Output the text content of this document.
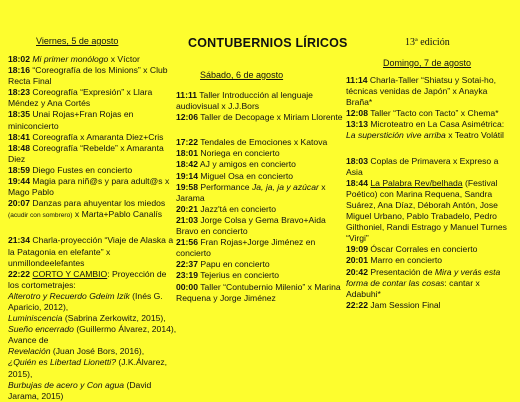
Viernes, 5 de agosto	CONTUBERNIOS LÍRICOS	13ª edición
Sábado, 6 de agosto
Domingo, 7 de agosto

18:02 Mi primer monólogo x Víctor

18:16 “Coreografía de los Minions” x Club Recta Final

18:23 Coreografía “Expresión” x Llara Méndez y Ana Cortés

18:35 Unai Rojas+Fran Rojas en miniconcierto

18:41 Coreografía x Amaranta Diez+Cris

18:48 Coreografía “Rebelde” x Amaranta Diez

18:59 Diego Fustes en concierto

19:44 Magia para niñ@s y para adult@s x Mago Pablo

20:07 Danzas para ahuyentar los miedos (acudir con sombrero) x Marta+Pablo Canalís

21:34 Charla-proyección “Viaje de Alaska a la Patagonia en elefante” x unmillondeelefantes

22:22 CORTO Y CAMBIO: Proyección de los cortometrajes:

Alterotro y Recuerdo Gdeim Izik (Inés G. Aparicio, 2012),

Luminiscencia (Sabrina Zerkowitz, 2015),

Sueño encerrado (Guillermo Álvarez, 2014), Avance de

Revelación (Juan José Bors, 2016),

¿Quién es Libertad Lionetti? (J.K.Álvarez, 2015),

Burbujas de acero y Con agua (David Jarama, 2015)

11:11 Taller Introducción al lenguaje audiovisual x J.J.Bors

12:06 Taller de Decopage x Miriam Llorente

17:22 Tendales de Emociones x Katova

18:01 Noriega en concierto

18:42 AJ y amigos en concierto

19:14 Miguel Osa en concierto

19:58 Performance Ja, ja, ja y azúcar x Jarama

20:21 Jazz'tá en concierto

21:03 Jorge Colsa y Gema Bravo+Aida Bravo en concierto

21:56 Fran Rojas+Jorge Jiménez en concierto

22:37 Papu en concierto

23:19 Tejerius en concierto

00:00 Taller “Contubernio Milenio” x Marina Requena y Jorge Jiménez

11:14 Charla-Taller “Shiatsu y Sotai-ho, técnicas venidas de Japón” x Anayka Braña*

12:08 Taller “Tacto con Tacto” x Chema*

13:13 Microteatro en La Casa Asimétrica: La superstición vive arriba x Teatro Volátil

18:03 Coplas de Primavera x Expreso a Asia

18:44 La Palabra Rev/belhada (Festival Poético) con Marina Requena, Sandra Suárez, Ana Díaz, Déborah Antón, Jose Miguel Urbano, Pablo Trabadelo, Pedro Gilthoniel, Randi Estrago y Manuel Turnes “Virgi”

19:09 Óscar Corrales en concierto

20:01 Marro en concierto

20:42 Presentación de Mira y verás esta forma de contar las cosas: cantar x Adabuhi*

22:22 Jam Session Final
